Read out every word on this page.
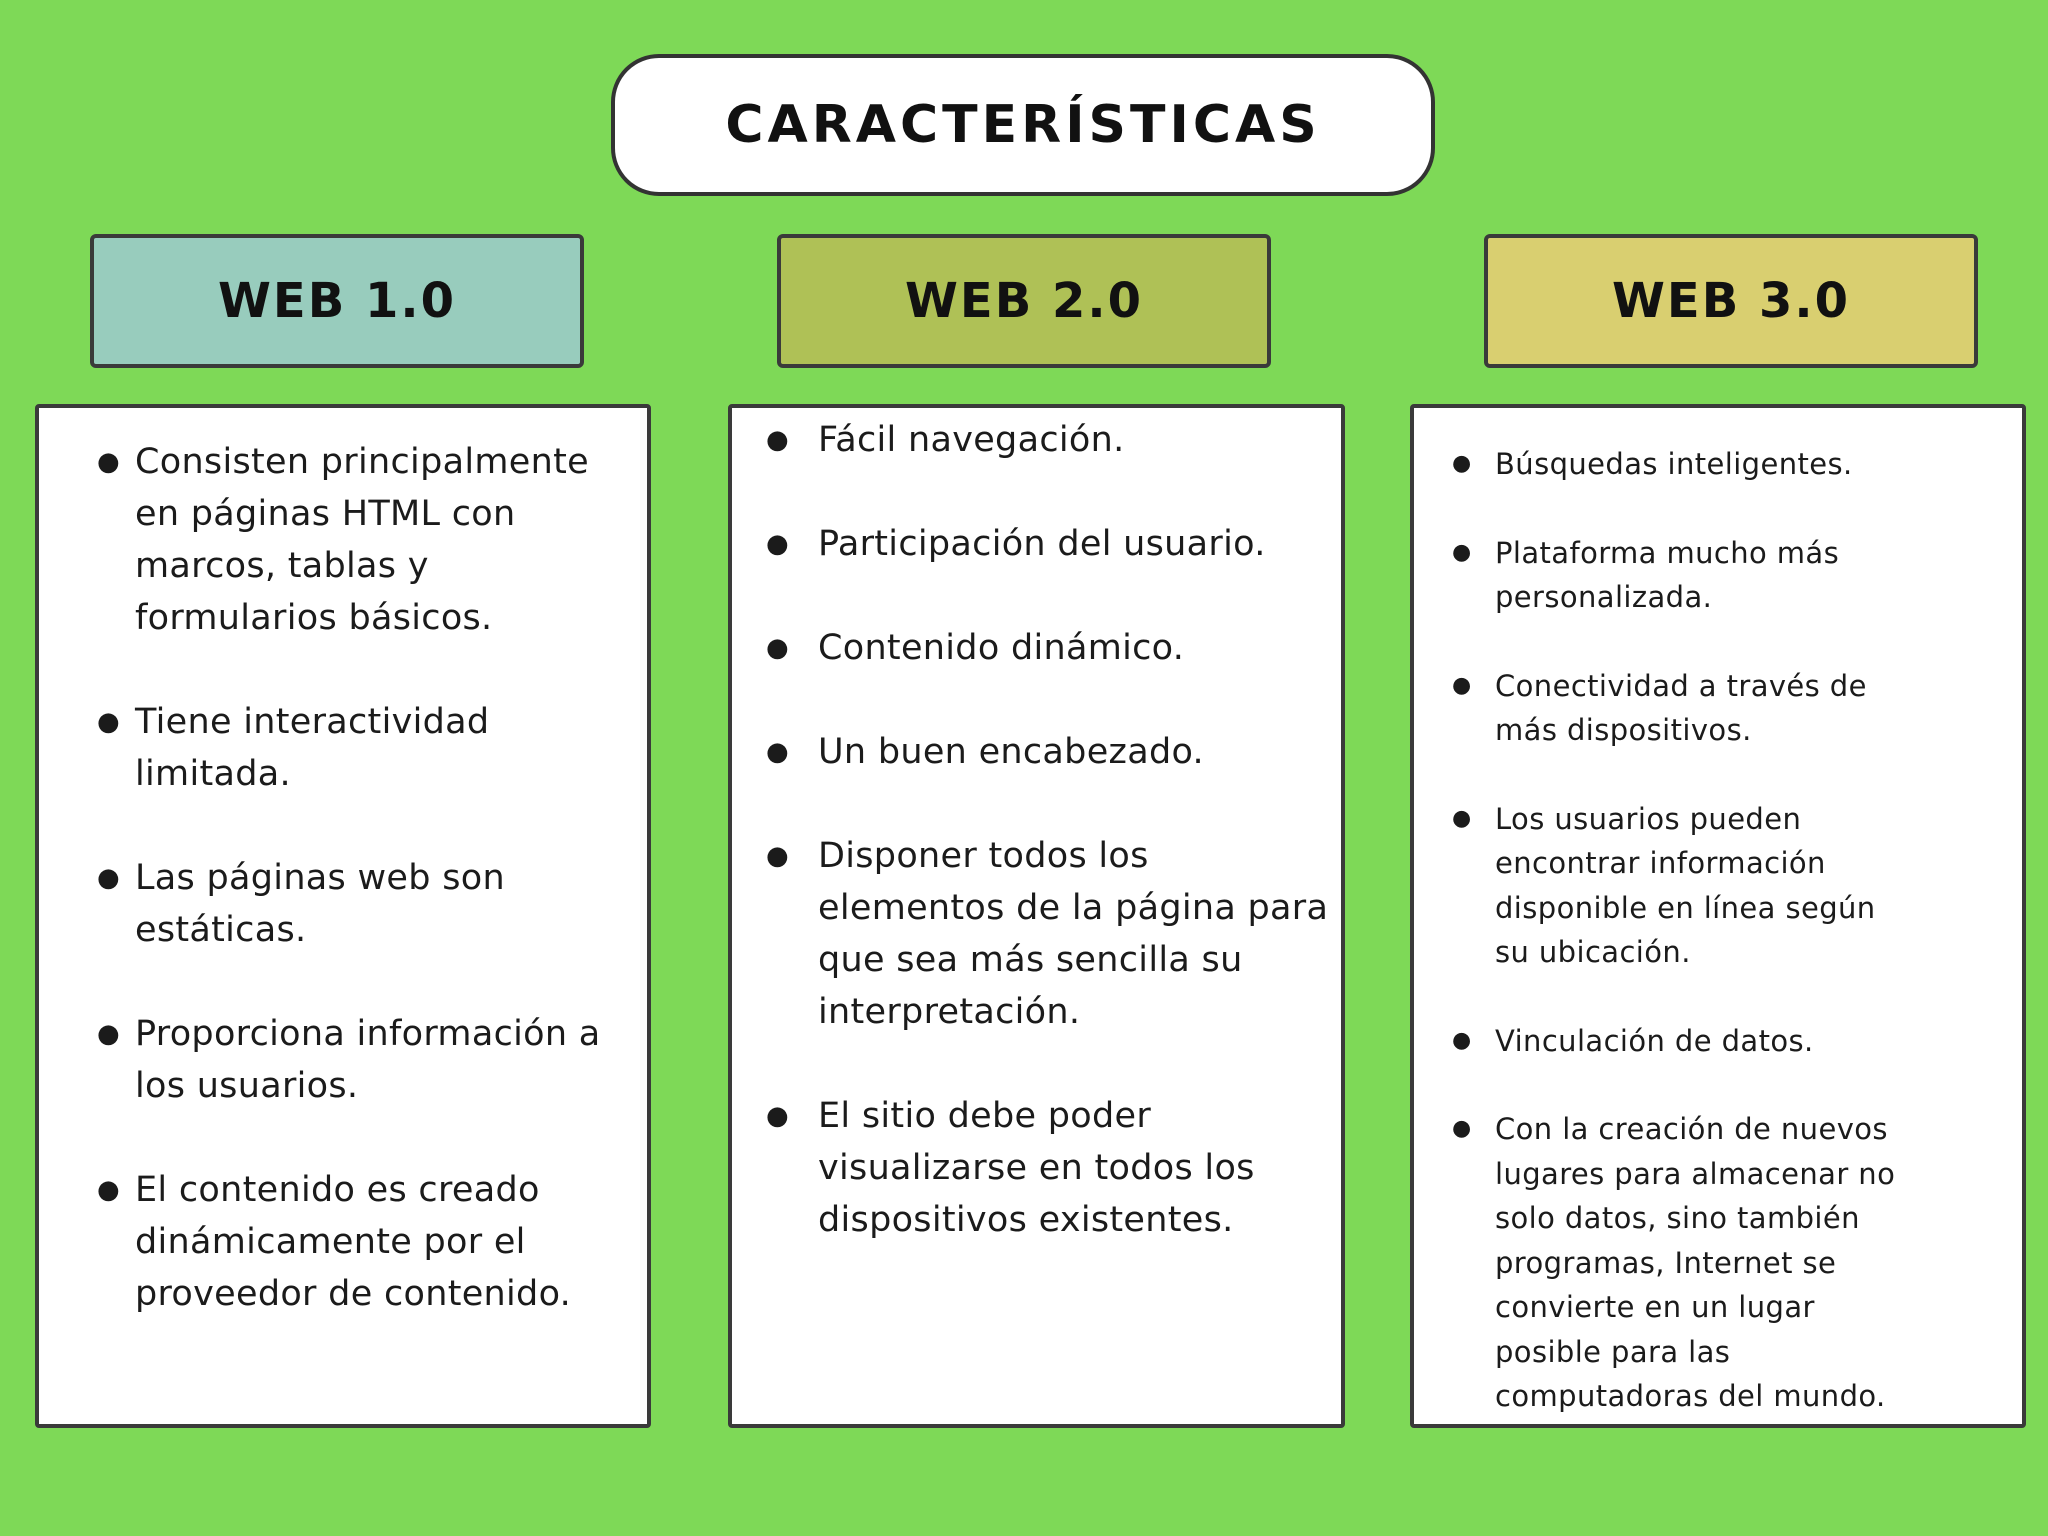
CARACTERÍSTICAS
WEB 1.0	WEB 2.0	WEB 3.0
● Consisten principalmente
en páginas HTML con
marcos, tablas y
formularios básicos.
● Tiene interactividad
limitada.
● Las páginas web son
estáticas.
● Proporciona información a
los usuarios.
● El contenido es creado
dinámicamente por el
proveedor de contenido.
● Fácil navegación.
● Participación del usuario.
● Contenido dinámico.
● Un buen encabezado.
● Disponer todos los
elementos de la página para
que sea más sencilla su
interpretación.
● El sitio debe poder
visualizarse en todos los
dispositivos existentes.
● Búsquedas inteligentes.
● Plataforma mucho más
personalizada.
● Conectividad a través de
más dispositivos.
● Los usuarios pueden
encontrar información
disponible en línea según
su ubicación.
● Vinculación de datos.
● Con la creación de nuevos
lugares para almacenar no
solo datos, sino también
programas, Internet se
convierte en un lugar
posible para las
computadoras del mundo.
